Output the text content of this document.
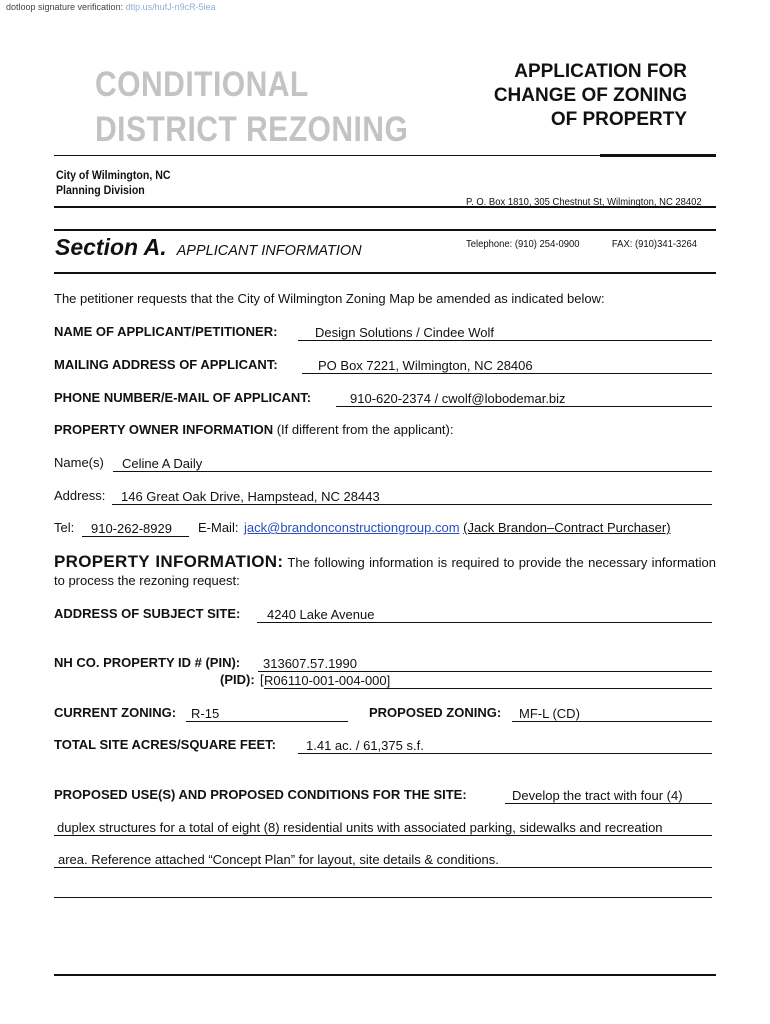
dotloop signature verification: dtlp.us/hufJ-n9cR-5iea
CONDITIONAL
DISTRICT REZONING
APPLICATION FOR
CHANGE OF ZONING
OF PROPERTY
City of Wilmington, NC
Planning Division

P. O. Box 1810, 305 Chestnut St, Wilmington, NC 28402

Telephone: (910) 254-0900	FAX: (910)341-3264

Section A. APPLICANT INFORMATION
The petitioner requests that the City of Wilmington Zoning Map be amended as indicated below:
NAME OF APPLICANT/PETITIONER:	Design Solutions / Cindee Wolf
MAILING ADDRESS OF APPLICANT:	PO Box 7221, Wilmington, NC 28406
PHONE NUMBER/E-MAIL OF APPLICANT:	910-620-2374 / cwolf@lobodemar.biz
PROPERTY OWNER INFORMATION (If different from the applicant):
Name(s) Celine A Daily
Address: 146 Great Oak Drive, Hampstead, NC 28443
Tel: 910-262-8929 E-Mail: jack@brandonconstructiongroup.com (Jack Brandon–Contract Purchaser)
PROPERTY INFORMATION: The following information is required to provide the necessary information to process the rezoning request:
ADDRESS OF SUBJECT SITE: 4240 Lake Avenue
NH CO. PROPERTY ID # (PIN): 313607.57.1990
(PID): [ R06110-001-004-000]
CURRENT ZONING: R-15	PROPOSED ZONING: MF-L (CD)
TOTAL SITE ACRES/SQUARE FEET: 1.41 ac. / 61,375 s.f.
PROPOSED USE(S) AND PROPOSED CONDITIONS FOR THE SITE:	Develop the tract with four (4)
duplex structures for a total of eight (8) residential units with associated parking, sidewalks and recreation
area. Reference attached “Concept Plan” for layout, site details & conditions.
